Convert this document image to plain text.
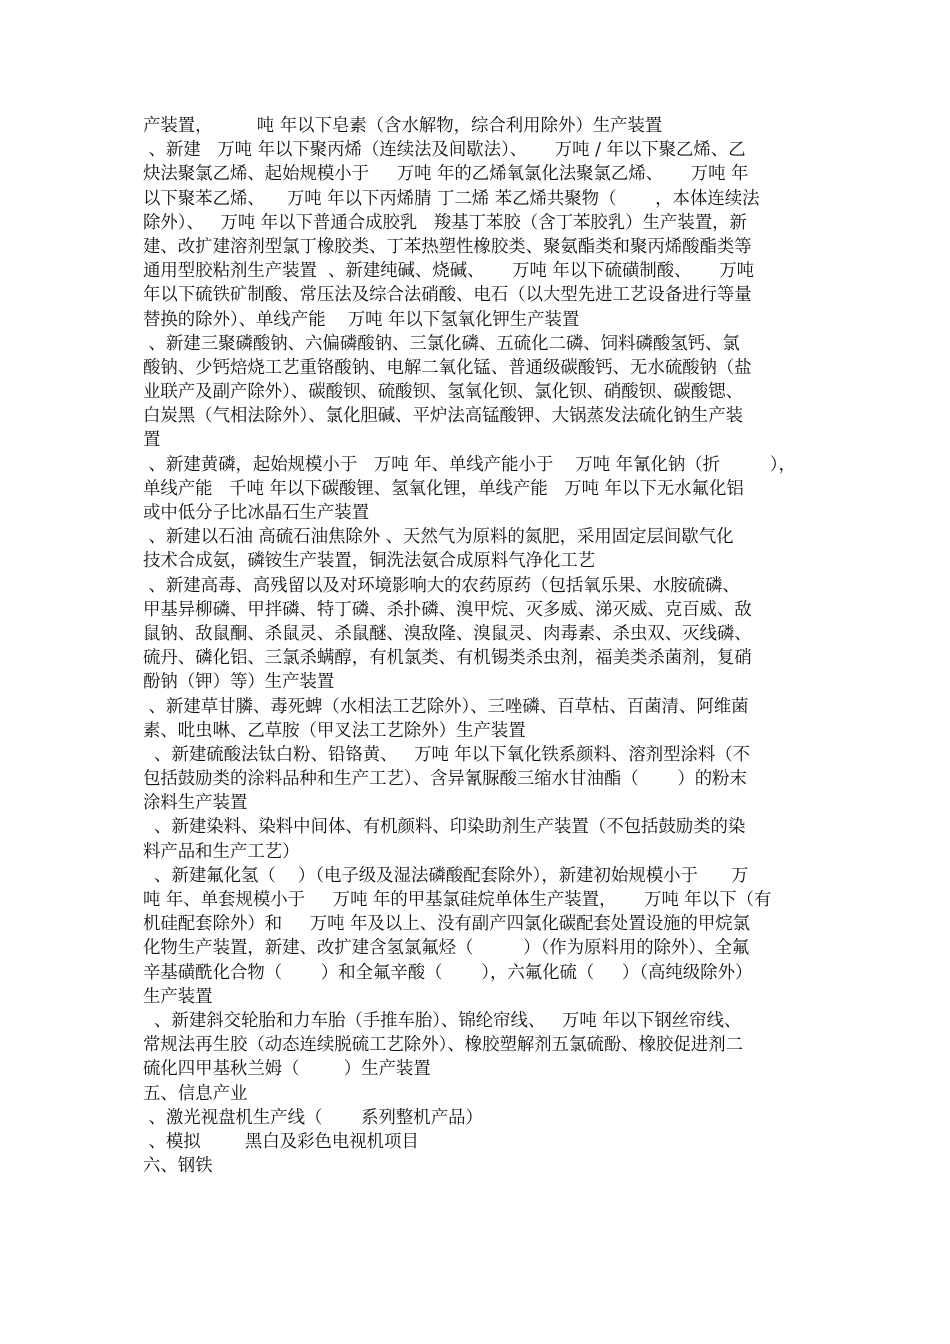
产装置，        吨 年以下皂素（含水解物，综合利用除外）生产装置
、新建   万吨 年以下聚丙烯（连续法及间歇法）、     万吨 / 年以下聚乙烯、乙
炔法聚氯乙烯、起始规模小于     万吨 年的乙烯氧氯化法聚氯乙烯、     万吨 年
以下聚苯乙烯、    万吨 年以下丙烯腈 丁二烯 苯乙烯共聚物（       ，本体连续法
除外）、   万吨 年以下普通合成胶乳   羧基丁苯胶（含丁苯胶乳）生产装置，新
建、改扩建溶剂型氯丁橡胶类、丁苯热塑性橡胶类、聚氨酯类和聚丙烯酸酯类等
通用型胶粘剂生产装置  、新建纯碱、烧碱、     万吨 年以下硫磺制酸、     万吨
年以下硫铁矿制酸、常压法及综合法硝酸、电石（以大型先进工艺设备进行等量
替换的除外）、单线产能    万吨 年以下氢氧化钾生产装置
、新建三聚磷酸钠、六偏磷酸钠、三氯化磷、五硫化二磷、饲料磷酸氢钙、氯
酸钠、少钙焙烧工艺重铬酸钠、电解二氧化锰、普通级碳酸钙、无水硫酸钠（盐
业联产及副产除外）、碳酸钡、硫酸钡、氢氧化钡、氯化钡、硝酸钡、碳酸锶、
白炭黑（气相法除外）、氯化胆碱、平炉法高锰酸钾、大锅蒸发法硫化钠生产装
置
、新建黄磷，起始规模小于   万吨 年、单线产能小于    万吨 年氰化钠（折         ），
单线产能   千吨 年以下碳酸锂、氢氧化锂，单线产能   万吨 年以下无水氟化铝
或中低分子比冰晶石生产装置
、新建以石油 高硫石油焦除外 、天然气为原料的氮肥，采用固定层间歇气化
技术合成氨，磷铵生产装置，铜洗法氨合成原料气净化工艺
、新建高毒、高残留以及对环境影响大的农药原药（包括氧乐果、水胺硫磷、
甲基异柳磷、甲拌磷、特丁磷、杀扑磷、溴甲烷、灭多威、涕灭威、克百威、敌
鼠钠、敌鼠酮、杀鼠灵、杀鼠醚、溴敌隆、溴鼠灵、肉毒素、杀虫双、灭线磷、
硫丹、磷化铝、三氯杀螨醇，有机氯类、有机锡类杀虫剂，福美类杀菌剂，复硝
酚钠（钾）等）生产装置
、新建草甘膦、毒死蜱（水相法工艺除外）、三唑磷、百草枯、百菌清、阿维菌
素、吡虫啉、乙草胺（甲叉法工艺除外）生产装置
、新建硫酸法钛白粉、铅铬黄、   万吨 年以下氧化铁系颜料、溶剂型涂料（不
包括鼓励类的涂料品种和生产工艺）、含异氰脲酸三缩水甘油酯（       ）的粉末
涂料生产装置
、新建染料、染料中间体、有机颜料、印染助剂生产装置（不包括鼓励类的染
料产品和生产工艺）
、新建氟化氢（    ）（电子级及湿法磷酸配套除外），新建初始规模小于      万
吨 年、单套规模小于     万吨 年的甲基氯硅烷单体生产装置，     万吨 年以下（有
机硅配套除外）和     万吨 年及以上、没有副产四氯化碳配套处置设施的甲烷氯
化物生产装置，新建、改扩建含氢氯氟烃（         ）（作为原料用的除外）、全氟
辛基磺酰化合物（       ）和全氟辛酸（       ），六氟化硫（     ）（高纯级除外）
生产装置
、新建斜交轮胎和力车胎（手推车胎）、锦纶帘线、   万吨 年以下钢丝帘线、
常规法再生胶（动态连续脱硫工艺除外）、橡胶塑解剂五氯硫酚、橡胶促进剂二
硫化四甲基秋兰姆（        ）生产装置
五、信息产业
、激光视盘机生产线（       系列整机产品）
、模拟        黑白及彩色电视机项目
六、钢铁
